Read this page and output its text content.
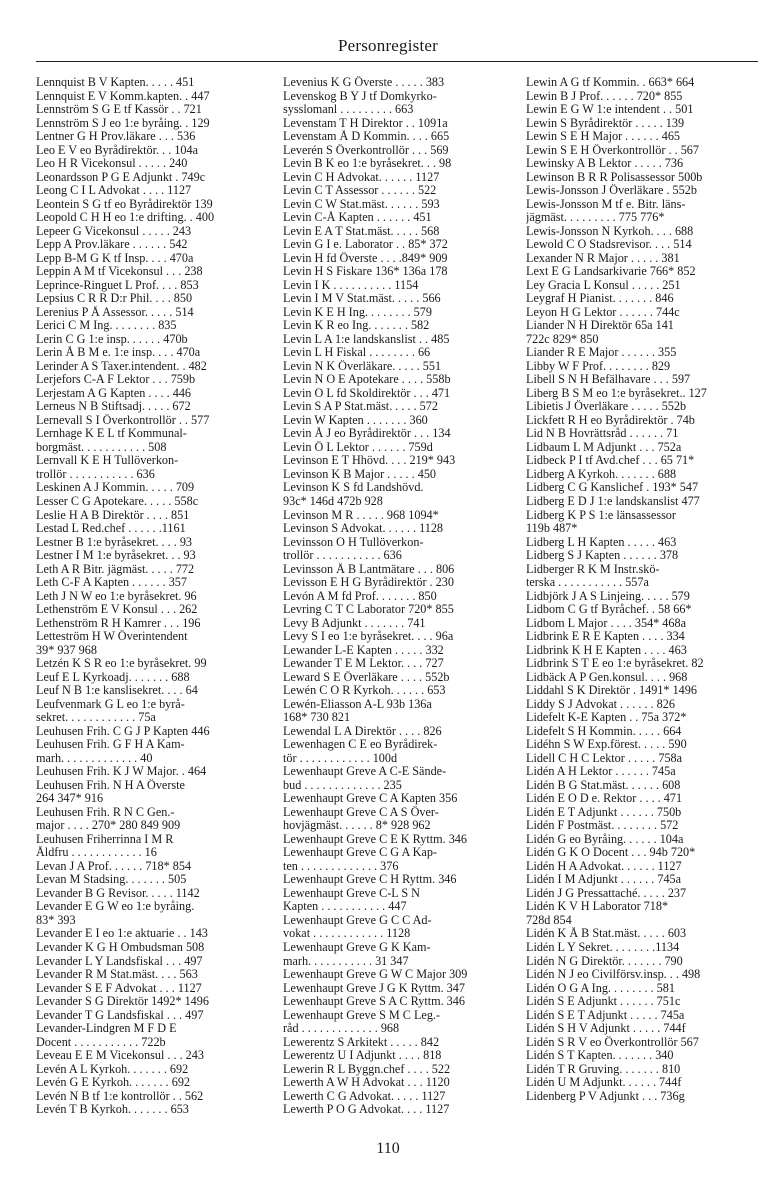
Personregister
Lennquist B V Kapten. . . . . 451
Lennquist E V Komm.kapten. . 447
Lennström S G E tf Kassör . . 721
Lennström S J eo 1:e byråing. . 129
Lentner G H Prov.läkare . . . 536
Leo E V eo Byrådirektör. . . 104a
Leo H R Vicekonsul . . . . . 240
Leonardsson P G E Adjunkt . 749c
Leong C I L Advokat . . . . 1127
Leontein S G tf eo Byrådirektör 139
Leopold C H H eo 1:e drifting. . 400
Lepeer G Vicekonsul . . . . . 243
Lepp A Prov.läkare . . . . . . 542
Lepp B-M G K tf Insp. . . . 470a
Leppin A M tf Vicekonsul . . . 238
Leprince-Ringuet L Prof. . . . 853
Lepsius C R R D:r Phil. . . . 850
Lerenius P Å Assessor. . . . . 514
Lerici C M Ing. . . . . . . . 835
Lerin C G 1:e insp. . . . . . 470b
Lerin Å B M e. 1:e insp. . . . 470a
Lerinder A S Taxer.intendent. . 482
Lerjefors C-A F Lektor . . . 759b
Lerjestam A G Kapten . . . . 446
Lerneus N B Stiftsadj. . . . . 672
Lernevall S I Överkontrollör . . 577
Lernhage K E L tf Kommunal-
borgmäst. . . . . . . . . . . 508
Lernvall K E H Tullöverkon-
trollör . . . . . . . . . . . 636
Leskinen A J Kommin. . . . . 709
Lesser C G Apotekare. . . . . 558c
Leslie H A B Direktör . . . . 851
Lestad L Red.chef . . . . . .1161
Lestner B 1:e byråsekret. . . . 93
Lestner I M 1:e byråsekret. . . 93
Leth A R Bitr. jägmäst. . . . . 772
Leth C-F A Kapten . . . . . . 357
Leth J N W eo 1:e byråsekret. 96
Lethenström E V Konsul . . . 262
Lethenström R H Kamrer . . . 196
Letteström H W Överintendent
39* 937 968
Letzén K S R eo 1:e byråsekret. 99
Leuf E L Kyrkoadj. . . . . . . 688
Leuf N B 1:e kanslisekret. . . . 64
Leufvenmark G L eo 1:e byrå-
sekret. . . . . . . . . . . . 75a
Leuhusen Frih. C G J P Kapten 446
Leuhusen Frih. G F H A Kam-
marh. . . . . . . . . . . . . 40
Leuhusen Frih. K J W Major. . 464
Leuhusen Frih. N H A Överste
264 347* 916
Leuhusen Frih. R N C Gen.-
major . . . . 270* 280 849 909
Leuhusen Friherrinna I M R
Åldfru . . . . . . . . . . . . 16
Levan J A Prof. . . . . . 718* 854
Levan M Stadsing. . . . . . . 505
Levander B G Revisor. . . . . 1142
Levander E G W eo 1:e byråing.
83* 393
Levander E I eo 1:e aktuarie . . 143
Levander K G H Ombudsman 508
Levander L Y Landsfiskal . . . 497
Levander R M Stat.mäst. . . . 563
Levander S E F Advokat . . . 1127
Levander S G Direktör 1492* 1496
Levander T G Landsfiskal . . . 497
Levander-Lindgren M F D E
Docent . . . . . . . . . . . 722b
Leveau E E M Vicekonsul . . . 243
Levén A L Kyrkoh. . . . . . . 692
Levén G E Kyrkoh. . . . . . . 692
Levén N B tf 1:e kontrollör . . 562
Levén T B Kyrkoh. . . . . . . 653
Levenius K G Överste . . . . . 383
Levenskog B Y J tf Domkyrko-
sysslomanl . . . . . . . . . 663
Levenstam T H Direktor . . 1091a
Levenstam Å D Kommin. . . . 665
Leverén S Överkontrollör . . . 569
Levin B K eo 1:e byråsekret. . . 98
Levin C H Advokat. . . . . . 1127
Levin C T Assessor . . . . . . 522
Levin C W Stat.mäst. . . . . . 593
Levin C-Å Kapten . . . . . . 451
Levin E A T Stat.mäst. . . . . 568
Levin G I e. Laborator . . 85* 372
Levin H fd Överste . . . .849* 909
Levin H S Fiskare 136* 136a 178
Levin I K . . . . . . . . . . 1154
Levin I M V Stat.mäst. . . . . 566
Levin K E H Ing. . . . . . . . 579
Levin K R eo Ing. . . . . . . 582
Levin L A 1:e landskanslist . . 485
Levin L H Fiskal . . . . . . . . 66
Levin N K Överläkare. . . . . 551
Levin N O E Apotekare . . . . 558b
Levin O L fd Skoldirektör . . . 471
Levin S A P Stat.mäst. . . . . 572
Levin W Kapten . . . . . . . 360
Levin Å J eo Byrådirektör . . . 134
Levin Ö L Lektor . . . . . . 759d
Levinson E T Hhövd. . . . 219* 943
Levinson K B Major . . . . . 450
Levinson K S fd Landshövd.
93c* 146d 472b 928
Levinson M R . . . . . 968 1094*
Levinson S Advokat. . . . . . 1128
Levinsson O H Tullöverkon-
trollör . . . . . . . . . . . 636
Levinsson Å B Lantmätare . . . 806
Levisson E H G Byrådirektör . 230
Levón A M fd Prof. . . . . . . 850
Levring C T C Laborator 720* 855
Levy B Adjunkt . . . . . . . 741
Levy S I eo 1:e byråsekret. . . . 96a
Lewander L-E Kapten . . . . . 332
Lewander T E M Lektor. . . . 727
Leward S E Överläkare . . . . 552b
Lewén C O R Kyrkoh. . . . . . 653
Lewén-Eliasson A-L 93b 136a
168* 730 821
Lewendal L A Direktör . . . . 826
Lewenhagen C E eo Byrådirek-
tör . . . . . . . . . . . . 100d
Lewenhaupt Greve A C-E Sände-
bud . . . . . . . . . . . . . 235
Lewenhaupt Greve C A Kapten 356
Lewenhaupt Greve C A S Över-
hovjägmäst. . . . . . 8* 928 962
Lewenhaupt Greve C E K Ryttm. 346
Lewenhaupt Greve C G A Kap-
ten . . . . . . . . . . . . . 376
Lewenhaupt Greve C H Ryttm. 346
Lewenhaupt Greve C-L S N
Kapten . . . . . . . . . . . 447
Lewenhaupt Greve G C C Ad-
vokat . . . . . . . . . . . . 1128
Lewenhaupt Greve G K Kam-
marh. . . . . . . . . . . 31 347
Lewenhaupt Greve G W C Major 309
Lewenhaupt Greve J G K Ryttm. 347
Lewenhaupt Greve S A C Ryttm. 346
Lewenhaupt Greve S M C Leg.-
råd . . . . . . . . . . . . . 968
Lewerentz S Arkitekt . . . . . 842
Lewerentz U I Adjunkt . . . . 818
Lewerin R L Byggn.chef . . . . 522
Lewerth A W H Advokat . . . 1120
Lewerth C G Advokat. . . . . 1127
Lewerth P O G Advokat. . . . 1127
Lewin A G tf Kommin. . 663* 664
Lewin B J Prof. . . . . . 720* 855
Lewin E G W 1:e intendent . . 501
Lewin S Byrådirektör . . . . . 139
Lewin S E H Major . . . . . . 465
Lewin S E H Överkontrollör . . 567
Lewinsky A B Lektor . . . . . 736
Lewinson B R R Polisassessor 500b
Lewis-Jonsson J Överläkare . 552b
Lewis-Jonsson M tf e. Bitr. läns-
jägmäst. . . . . . . . . 775 776*
Lewis-Jonsson N Kyrkoh. . . . 688
Lewold C O Stadsrevisor. . . . 514
Lexander N R Major . . . . . 381
Lext E G Landsarkivarie 766* 852
Ley Gracia L Konsul . . . . . 251
Leygraf H Pianist. . . . . . . 846
Leyon H G Lektor . . . . . . 744c
Liander N H Direktör 65a 141
722c 829* 850
Liander R E Major . . . . . . 355
Libby W F Prof. . . . . . . . 829
Libell S N H Befälhavare . . . 597
Liberg B S M eo 1:e byråsekret.. 127
Libietis J Överläkare . . . . . 552b
Lickfett R H eo Byrådirektör . 74b
Lid N B Hovrättsråd . . . . . . 71
Lidbaum L M Adjunkt . . . 752a
Lidbeck P I tf Avd.chef . . . 65 71*
Lidberg A Kyrkoh. . . . . . . 688
Lidberg C G Kanslichef . 193* 547
Lidberg E D J 1:e landskanslist 477
Lidberg K P S 1:e länsassessor
119b 487*
Lidberg L H Kapten . . . . . 463
Lidberg S J Kapten . . . . . . 378
Lidberger R K M Instr.skö-
terska . . . . . . . . . . . 557a
Lidbjörk J A S Linjeing. . . . . 579
Lidbom C G tf Byråchef. . 58 66*
Lidbom L Major . . . . 354* 468a
Lidbrink E R E Kapten . . . . 334
Lidbrink K H E Kapten . . . . 463
Lidbrink S T E eo 1:e byråsekret. 82
Lidbäck A P Gen.konsul. . . . 968
Liddahl S K Direktör . 1491* 1496
Liddy S J Advokat . . . . . . 826
Lidefelt K-E Kapten . . 75a 372*
Lidefelt S H Kommin. . . . . 664
Lidéhn S W Exp.förest. . . . . 590
Lidell C H C Lektor . . . . . 758a
Lidén A H Lektor . . . . . . 745a
Lidén B G Stat.mäst. . . . . . 608
Lidén E O D e. Rektor . . . . 471
Lidén E T Adjunkt . . . . . . 750b
Lidén F Postmäst. . . . . . . . 572
Lidén G eo Byråing. . . . . . 104a
Lidén G K O Docent . . . 94b 720*
Lidén H A Advokat. . . . . . 1127
Lidén I M Adjunkt . . . . . . 745a
Lidén J G Pressattaché. . . . . 237
Lidén K V H Laborator 718*
728d 854
Lidén K Å B Stat.mäst. . . . . 603
Lidén L Y Sekret. . . . . . . .1134
Lidén N G Direktör. . . . . . . 790
Lidén N J eo Civilförsv.insp. . . 498
Lidén O G A Ing. . . . . . . . 581
Lidén S E Adjunkt . . . . . . 751c
Lidén S E T Adjunkt . . . . . 745a
Lidén S H V Adjunkt . . . . . 744f
Lidén S R V eo Överkontrollör 567
Lidén S T Kapten. . . . . . . 340
Lidén T R Gruving. . . . . . . 810
Lidén U M Adjunkt. . . . . . 744f
Lidenberg P V Adjunkt . . . 736g
110
